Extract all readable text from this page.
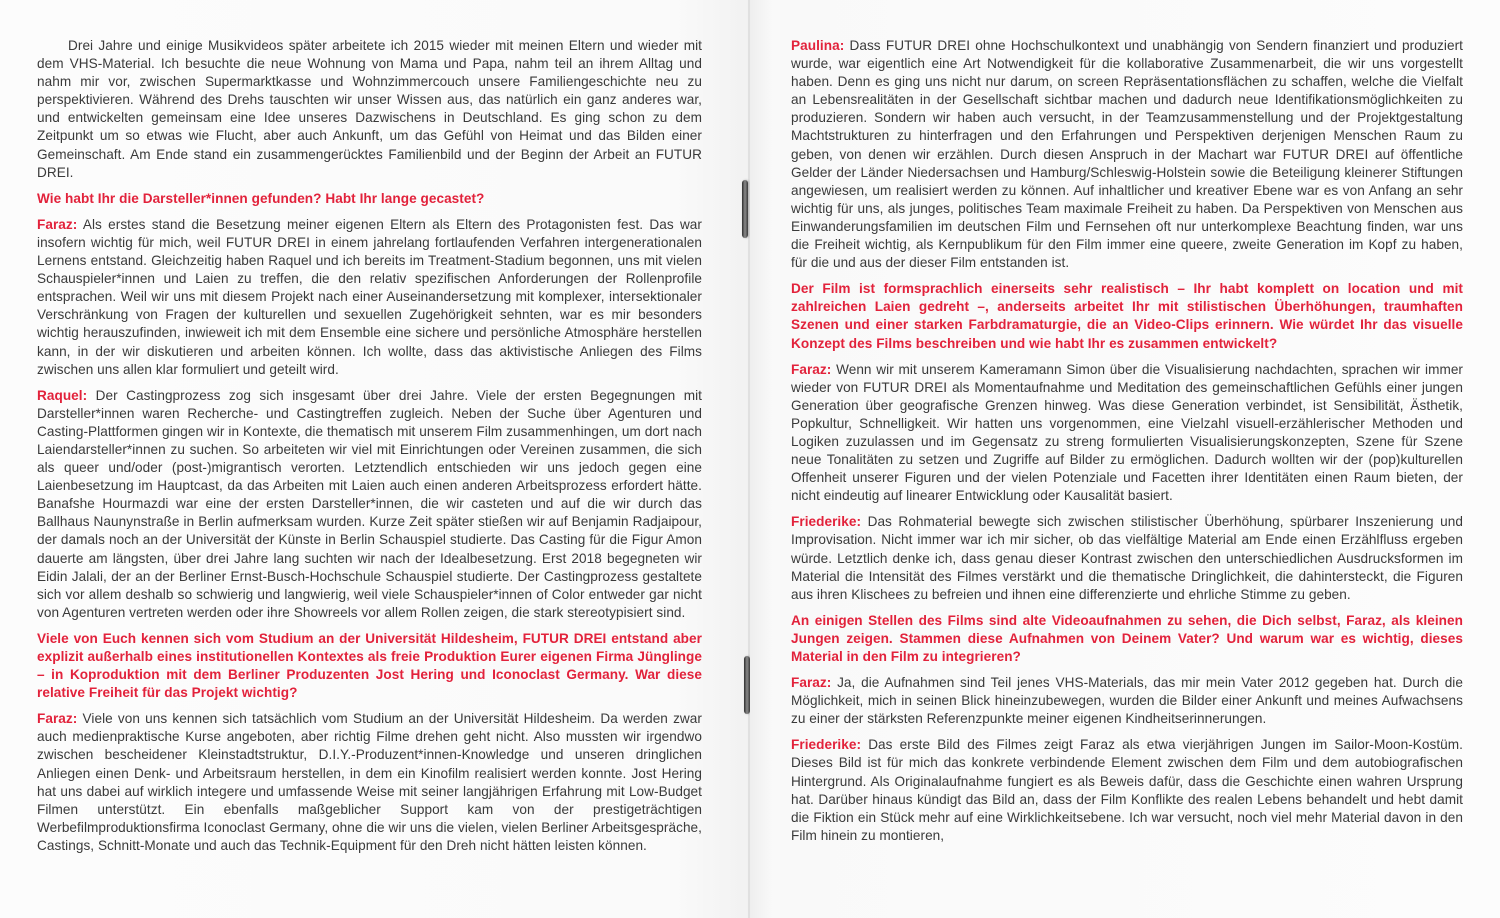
Drei Jahre und einige Musikvideos später arbeitete ich 2015 wieder mit meinen Eltern und wieder mit dem VHS-Material. Ich besuchte die neue Wohnung von Mama und Papa, nahm teil an ihrem Alltag und nahm mir vor, zwischen Supermarktkasse und Wohnzimmercouch unsere Familiengeschichte neu zu perspektivieren. Während des Drehs tauschten wir unser Wissen aus, das natürlich ein ganz anderes war, und entwickelten gemeinsam eine Idee unseres Dazwischens in Deutschland. Es ging schon zu dem Zeitpunkt um so etwas wie Flucht, aber auch Ankunft, um das Gefühl von Heimat und das Bilden einer Gemeinschaft. Am Ende stand ein zusammengerücktes Familienbild und der Beginn der Arbeit an FUTUR DREI.

Wie habt Ihr die Darsteller*innen gefunden? Habt Ihr lange gecastet?

Faraz: Als erstes stand die Besetzung meiner eigenen Eltern als Eltern des Protagonisten fest. Das war insofern wichtig für mich, weil FUTUR DREI in einem jahrelang fortlaufenden Verfahren intergenerationalen Lernens entstand. Gleichzeitig haben Raquel und ich bereits im Treatment-Stadium begonnen, uns mit vielen Schauspieler*innen und Laien zu treffen, die den relativ spezifischen Anforderungen der Rollenprofile entsprachen. Weil wir uns mit diesem Projekt nach einer Auseinandersetzung mit komplexer, intersektionaler Verschränkung von Fragen der kulturellen und sexuellen Zugehörigkeit sehnten, war es mir besonders wichtig herauszufinden, inwieweit ich mit dem Ensemble eine sichere und persönliche Atmosphäre herstellen kann, in der wir diskutieren und arbeiten können. Ich wollte, dass das aktivistische Anliegen des Films zwischen uns allen klar formuliert und geteilt wird.

Raquel: Der Castingprozess zog sich insgesamt über drei Jahre. Viele der ersten Begegnungen mit Darsteller*innen waren Recherche- und Castingtreffen zugleich. Neben der Suche über Agenturen und Casting-Plattformen gingen wir in Kontexte, die thematisch mit unserem Film zusammenhingen, um dort nach Laiendarsteller*innen zu suchen. So arbeiteten wir viel mit Einrichtungen oder Vereinen zusammen, die sich als queer und/oder (post-)migrantisch verorten. Letztendlich entschieden wir uns jedoch gegen eine Laienbesetzung im Hauptcast, da das Arbeiten mit Laien auch einen anderen Arbeitsprozess erfordert hätte. Banafshe Hourmazdi war eine der ersten Darsteller*innen, die wir casteten und auf die wir durch das Ballhaus Naunynstraße in Berlin aufmerksam wurden. Kurze Zeit später stießen wir auf Benjamin Radjaipour, der damals noch an der Universität der Künste in Berlin Schauspiel studierte. Das Casting für die Figur Amon dauerte am längsten, über drei Jahre lang suchten wir nach der Idealbesetzung. Erst 2018 begegneten wir Eidin Jalali, der an der Berliner Ernst-Busch-Hochschule Schauspiel studierte. Der Castingprozess gestaltete sich vor allem deshalb so schwierig und langwierig, weil viele Schauspieler*innen of Color entweder gar nicht von Agenturen vertreten werden oder ihre Showreels vor allem Rollen zeigen, die stark stereotypisiert sind.

Viele von Euch kennen sich vom Studium an der Universität Hildesheim, FUTUR DREI entstand aber explizit außerhalb eines institutionellen Kontextes als freie Produktion Eurer eigenen Firma Jünglinge – in Koproduktion mit dem Berliner Produzenten Jost Hering und Iconoclast Germany. War diese relative Freiheit für das Projekt wichtig?

Faraz: Viele von uns kennen sich tatsächlich vom Studium an der Universität Hildesheim. Da werden zwar auch medienpraktische Kurse angeboten, aber richtig Filme drehen geht nicht. Also mussten wir irgendwo zwischen bescheidener Kleinstadtstruktur, D.I.Y.-Produzent*innen-Knowledge und unseren dringlichen Anliegen einen Denk- und Arbeitsraum herstellen, in dem ein Kinofilm realisiert werden konnte. Jost Hering hat uns dabei auf wirklich integere und umfassende Weise mit seiner langjährigen Erfahrung mit Low-Budget Filmen unterstützt. Ein ebenfalls maßgeblicher Support kam von der prestigeträchtigen Werbefilmproduktionsfirma Iconoclast Germany, ohne die wir uns die vielen, vielen Berliner Arbeitsgespräche, Castings, Schnitt-Monate und auch das Technik-Equipment für den Dreh nicht hätten leisten können.

Paulina: Dass FUTUR DREI ohne Hochschulkontext und unabhängig von Sendern finanziert und produziert wurde, war eigentlich eine Art Notwendigkeit für die kollaborative Zusammenarbeit, die wir uns vorgestellt haben. Denn es ging uns nicht nur darum, on screen Repräsentationsflächen zu schaffen, welche die Vielfalt an Lebensrealitäten in der Gesellschaft sichtbar machen und dadurch neue Identifikationsmöglichkeiten zu produzieren. Sondern wir haben auch versucht, in der Teamzusammenstellung und der Projektgestaltung Machtstrukturen zu hinterfragen und den Erfahrungen und Perspektiven derjenigen Menschen Raum zu geben, von denen wir erzählen. Durch diesen Anspruch in der Machart war FUTUR DREI auf öffentliche Gelder der Länder Niedersachsen und Hamburg/Schleswig-Holstein sowie die Beteiligung kleinerer Stiftungen angewiesen, um realisiert werden zu können. Auf inhaltlicher und kreativer Ebene war es von Anfang an sehr wichtig für uns, als junges, politisches Team maximale Freiheit zu haben. Da Perspektiven von Menschen aus Einwanderungsfamilien im deutschen Film und Fernsehen oft nur unterkomplexe Beachtung finden, war uns die Freiheit wichtig, als Kernpublikum für den Film immer eine queere, zweite Generation im Kopf zu haben, für die und aus der dieser Film entstanden ist.

Der Film ist formsprachlich einerseits sehr realistisch – Ihr habt komplett on location und mit zahlreichen Laien gedreht –, anderseits arbeitet Ihr mit stilistischen Überhöhungen, traumhaften Szenen und einer starken Farbdramaturgie, die an Video-Clips erinnern. Wie würdet Ihr das visuelle Konzept des Films beschreiben und wie habt Ihr es zusammen entwickelt?

Faraz: Wenn wir mit unserem Kameramann Simon über die Visualisierung nachdachten, sprachen wir immer wieder von FUTUR DREI als Momentaufnahme und Meditation des gemeinschaftlichen Gefühls einer jungen Generation über geografische Grenzen hinweg. Was diese Generation verbindet, ist Sensibilität, Ästhetik, Popkultur, Schnelligkeit. Wir hatten uns vorgenommen, eine Vielzahl visuell-erzählerischer Methoden und Logiken zuzulassen und im Gegensatz zu streng formulierten Visualisierungskonzepten, Szene für Szene neue Tonalitäten zu setzen und Zugriffe auf Bilder zu ermöglichen. Dadurch wollten wir der (pop)kulturellen Offenheit unserer Figuren und der vielen Potenziale und Facetten ihrer Identitäten einen Raum bieten, der nicht eindeutig auf linearer Entwicklung oder Kausalität basiert.

Friederike: Das Rohmaterial bewegte sich zwischen stilistischer Überhöhung, spürbarer Inszenierung und Improvisation. Nicht immer war ich mir sicher, ob das vielfältige Material am Ende einen Erzählfluss ergeben würde. Letztlich denke ich, dass genau dieser Kontrast zwischen den unterschiedlichen Ausdrucksformen im Material die Intensität des Filmes verstärkt und die thematische Dringlichkeit, die dahintersteckt, die Figuren aus ihren Klischees zu befreien und ihnen eine differenzierte und ehrliche Stimme zu geben.

An einigen Stellen des Films sind alte Videoaufnahmen zu sehen, die Dich selbst, Faraz, als kleinen Jungen zeigen. Stammen diese Aufnahmen von Deinem Vater? Und warum war es wichtig, dieses Material in den Film zu integrieren?

Faraz: Ja, die Aufnahmen sind Teil jenes VHS-Materials, das mir mein Vater 2012 gegeben hat. Durch die Möglichkeit, mich in seinen Blick hineinzubewegen, wurden die Bilder einer Ankunft und meines Aufwachsens zu einer der stärksten Referenzpunkte meiner eigenen Kindheitserinnerungen.

Friederike: Das erste Bild des Filmes zeigt Faraz als etwa vierjährigen Jungen im Sailor-Moon-Kostüm. Dieses Bild ist für mich das konkrete verbindende Element zwischen dem Film und dem autobiografischen Hintergrund. Als Originalaufnahme fungiert es als Beweis dafür, dass die Geschichte einen wahren Ursprung hat. Darüber hinaus kündigt das Bild an, dass der Film Konflikte des realen Lebens behandelt und hebt damit die Fiktion ein Stück mehr auf eine Wirklichkeitsebene. Ich war versucht, noch viel mehr Material davon in den Film hinein zu montieren,
